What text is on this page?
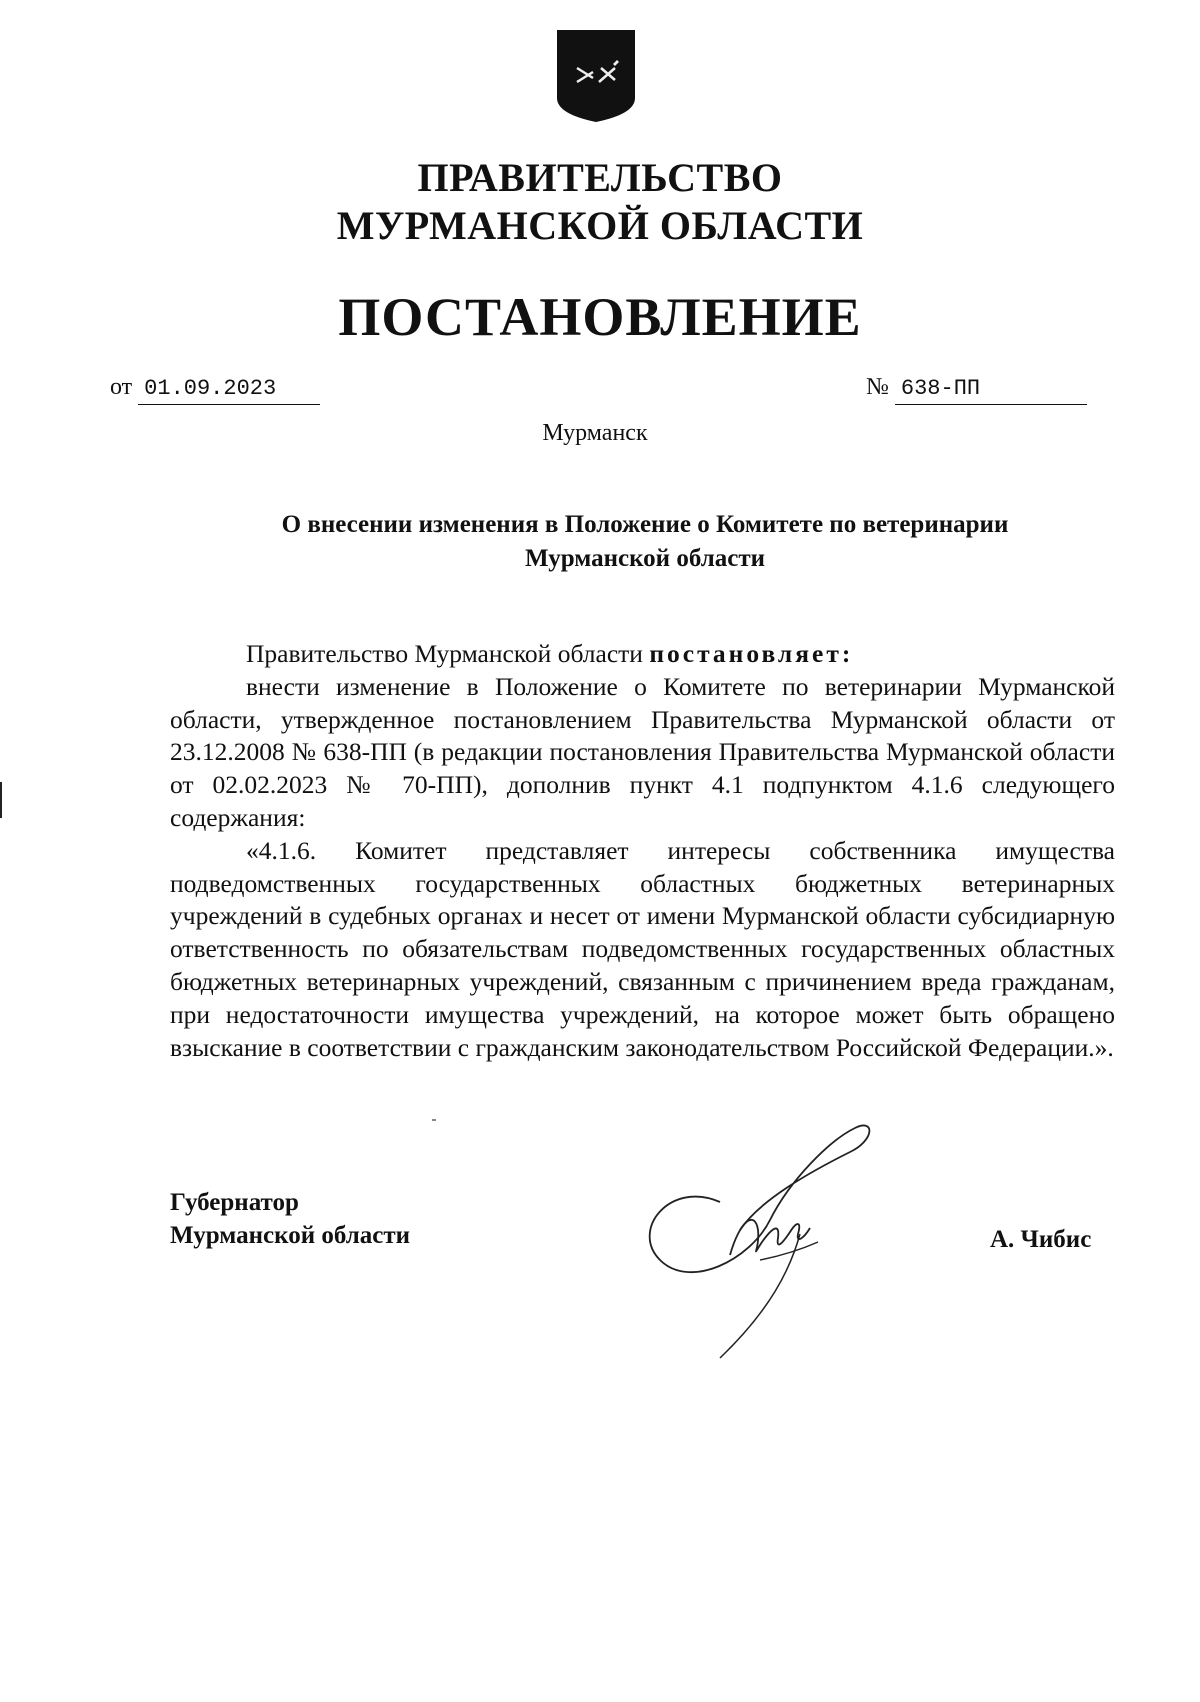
ПРАВИТЕЛЬСТВО
МУРМАНСКОЙ ОБЛАСТИ
ПОСТАНОВЛЕНИЕ
от 01.09.2023	№ 638-ПП
Мурманск
О внесении изменения в Положение о Комитете по ветеринарии
Мурманской области

Правительство Мурманской области постановляет:

внести изменение в Положение о Комитете по ветеринарии Мурманской области, утвержденное постановлением Правительства Мурманской области от 23.12.2008 № 638-ПП (в редакции постановления Правительства Мурманской области от 02.02.2023 № 70-ПП), дополнив пункт 4.1 подпунктом 4.1.6 следующего содержания:

«4.1.6. Комитет представляет интересы собственника имущества подведомственных государственных областных бюджетных ветеринарных учреждений в судебных органах и несет от имени Мурманской области субсидиарную ответственность по обязательствам подведомственных государственных областных бюджетных ветеринарных учреждений, связанным с причинением вреда гражданам, при недостаточности имущества учреждений, на которое может быть обращено взыскание в соответствии с гражданским законодательством Российской Федерации.».

Губернатор
Мурманской области	А. Чибис
